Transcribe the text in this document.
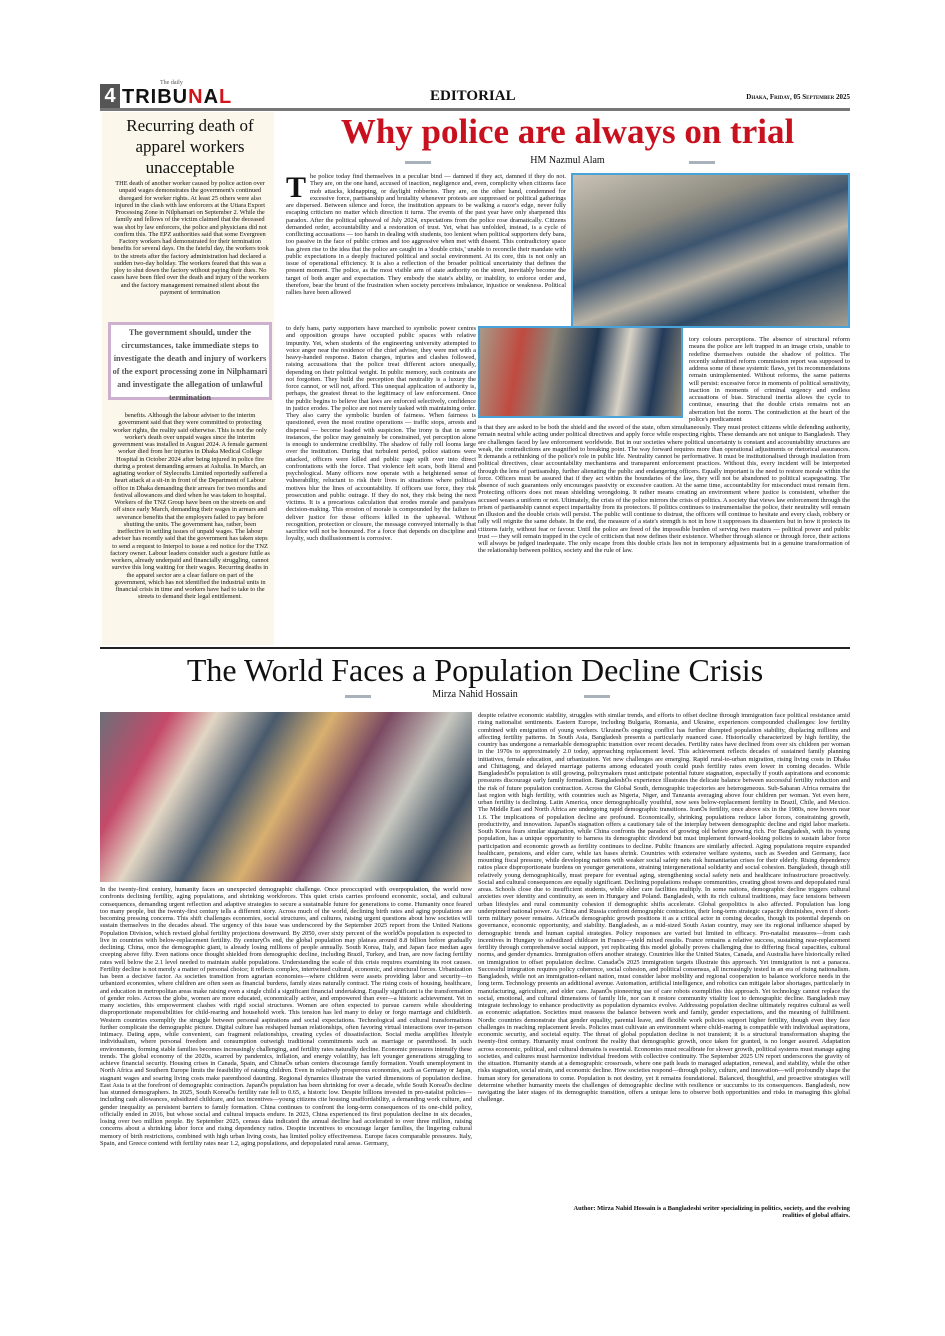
4 TRIBUNAL
The daily
EDITORIAL	Dhaka, Friday, 05 September 2025
Recurring death of apparel workers unacceptable
THE death of another worker caused by police action over unpaid wages demonstrates the government's continued disregard for worker rights. At least 25 others were also injured in the clash with law enforcers at the Uttara Export Processing Zone in Nilphamari on September 2. While the family and fellows of the victim claimed that the deceased was shot by law enforcers, the police and physicians did not confirm this. The EPZ authorities said that some Evergreen Factory workers had demonstrated for their termination benefits for several days. On the fateful day, the workers took to the streets after the factory administration had declared a sudden two-day holiday. The workers feared that this was a ploy to shut down the factory without paying their dues. No cases have been filed over the death and injury of the workers and the factory management remained silent about the payment of termination
The government should, under the circumstances, take immediate steps to investigate the death and injury of workers of the export processing zone in Nilphamari and investigate the allegation of unlawful termination
benefits. Although the labour adviser to the interim government said that they were committed to protecting worker rights, the reality said otherwise. This is not the only worker's death over unpaid wages since the interim government was installed in August 2024. A female garment worker died from her injuries in Dhaka Medical College Hospital in October 2024 after being injured in police fire during a protest demanding arrears at Ashulia. In March, an agitating worker of Stylecrafts Limited reportedly suffered a heart attack at a sit-in in front of the Department of Labour office in Dhaka demanding their arrears for two months and festival allowances and died when he was taken to hospital. Workers of the TNZ Group have been on the streets on and off since early March, demanding their wages in arrears and severance benefits that the employers failed to pay before shutting the units. The government has, rather, been ineffective in settling issues of unpaid wages. The labour adviser has recently said that the government has taken steps to send a request to Interpol to issue a red notice for the TNZ factory owner. Labour leaders consider such a gesture futile as workers, already underpaid and financially struggling, cannot survive this long waiting for their wages. Recurring deaths in the apparel sector are a clear failure on part of the government, which has not identified the industrial units in financial crisis in time and workers have had to take to the streets to demand their legal entitlement.
Why police are always on trial
HM Nazmul Alam
The police today find themselves in a peculiar bind — damned if they act, damned if they do not. They are, on the one hand, accused of inaction, negligence and, even, complicity when citizens face mob attacks, kidnapping, or daylight robberies. They are, on the other hand, condemned for excessive force, partisanship and brutality whenever protests are suppressed or political gatherings are dispersed. Between silence and force, the institution appears to be walking a razor's edge, never fully escaping criticism no matter which direction it turns. The events of the past year have only sharpened this paradox. After the political upheaval of July 2024, expectations from the police rose dramatically. Citizens demanded order, accountability and a restoration of trust. Yet, what has unfolded, instead, is a cycle of conflicting accusations — too harsh in dealing with students, too lenient when political supporters defy bans, too passive in the face of public crimes and too aggressive when met with dissent. This contradictory space has given rise to the idea that the police are caught in a 'double crisis,' unable to reconcile their mandate with public expectations in a deeply fractured political and social environment. At its core, this is not only an issue of operational efficiency. It is also a reflection of the broader political uncertainty that defines the present moment. The police, as the most visible arm of state authority on the street, inevitably become the target of both anger and expectation. They embody the state's ability, or inability, to enforce order and, therefore, bear the brunt of the frustration when society perceives imbalance, injustice or weakness. Political rallies have been allowed
to defy bans, party supporters have marched to symbolic power centres and opposition groups have occupied public spaces with relative impunity. Yet, when students of the engineering university attempted to voice anger near the residence of the chief adviser, they were met with a heavy-handed response. Baton charges, injuries and clashes followed, raising accusations that the police treat different actors unequally, depending on their political weight. In public memory, such contrasts are not forgotten. They build the perception that neutrality is a luxury the force cannot, or will not, afford. This unequal application of authority is, perhaps, the greatest threat to the legitimacy of law enforcement. Once the public begins to believe that laws are enforced selectively, confidence in justice erodes. The police are not merely tasked with maintaining order. They also carry the symbolic burden of fairness. When fairness is questioned, even the most routine operations — traffic stops, arrests and dispersal — become loaded with suspicion. The irony is that in some instances, the police may genuinely be constrained, yet perception alone is enough to undermine credibility. The shadow of fully roll looms large over the institution. During that turbulent period, police stations were attacked, officers were killed and public rage spilt over into direct confrontations with the force. That violence left scars, both literal and psychological. Many officers now operate with a heightened sense of vulnerability, reluctant to risk their lives in situations where political motives blur the lines of accountability. If officers use force, they risk prosecution and public outrage. If they do not, they risk being the next victims. It is a precarious calculation that erodes morale and paralyses decision-making. This erosion of morale is compounded by the failure to deliver justice for those officers killed in the upheaval. Without recognition, protection or closure, the message conveyed internally is that sacrifice will not be honoured. For a force that depends on discipline and loyalty, such disillusionment is corrosive.
tory colours perceptions. The absence of structural reform means the police are left trapped in an image crisis, unable to redefine themselves outside the shadow of politics. The recently submitted reform commission report was supposed to address some of these systemic flaws, yet its recommendations remain unimplemented. Without reforms, the same patterns will persist: excessive force in moments of political sensitivity, inaction in moments of criminal urgency and endless accusations of bias. Structural inertia allows the cycle to continue, ensuring that the double crisis remains not an aberration but the norm. The contradiction at the heart of the police's predicament
is that they are asked to be both the shield and the sword of the state, often simultaneously. They must protect citizens while defending authority, remain neutral while acting under political directives and apply force while respecting rights. These demands are not unique to Bangladesh. They are challenges faced by law enforcement worldwide. But in our societies where political uncertainty is constant and accountability structures are weak, the contradictions are magnified to breaking point. The way forward requires more than operational adjustments or rhetorical assurances. It demands a rethinking of the police's role in public life. Neutrality cannot be performative. It must be institutionalised through insulation from political directives, clear accountability mechanisms and transparent enforcement practices. Without this, every incident will be interpreted through the lens of partisanship, further alienating the public and endangering officers. Equally important is the need to restore morale within the force. Officers must be assured that if they act within the boundaries of the law, they will not be abandoned to political scapegoating. The absence of such guarantees only encourages passivity or excessive caution. At the same time, accountability for misconduct must remain firm. Protecting officers does not mean shielding wrongdoing. It rather means creating an environment where justice is consistent, whether the accused wears a uniform or not. Ultimately, the crisis of the police mirrors the crisis of politics. A society that views law enforcement through the prism of partisanship cannot expect impartiality from its protectors. If politics continues to instrumentalise the police, their neutrality will remain an illusion and the double crisis will persist. The public will continue to distrust, the officers will continue to hesitate and every clash, robbery or rally will reignite the same debate. In the end, the measure of a state's strength is not in how it suppresses its dissenters but in how it protects its citizens fairly, without fear or favour. Until the police are freed of the impossible burden of serving two masters — political power and public trust — they will remain trapped in the cycle of criticism that now defines their existence. Whether through silence or through force, their actions will always be judged inadequate. The only escape from this double crisis lies not in temporary adjustments but in a genuine transformation of the relationship between politics, society and the rule of law.
The World Faces a Population Decline Crisis
Mirza Nahid Hossain
In the twenty-first century, humanity faces an unexpected demographic challenge. Once preoccupied with overpopulation, the world now confronts declining fertility, aging populations, and shrinking workforces. This quiet crisis carries profound economic, social, and cultural consequences, demanding urgent reflection and adaptive strategies to secure a sustainable future for generations to come. Humanity once feared too many people, but the twenty-first century tells a different story. Across much of the world, declining birth rates and aging populations are becoming pressing concerns. This shift challenges economies, social structures, and cultures, raising urgent questions about how societies will sustain themselves in the decades ahead. The urgency of this issue was underscored by the September 2025 report from the United Nations Population Division, which revised global fertility projections downward. By 2050, over sixty percent of the worldÕs population is expected to live in countries with below-replacement fertility. By centuryÕs end, the global population may plateau around 8.8 billion before gradually declining. China, once the demographic giant, is already losing millions of people annually. South Korea, Italy, and Japan face median ages creeping above fifty. Even nations once thought shielded from demographic decline, including Brazil, Turkey, and Iran, are now facing fertility rates well below the 2.1 level needed to maintain stable populations. Understanding the scale of this crisis requires examining its root causes. Fertility decline is not merely a matter of personal choice; it reflects complex, intertwined cultural, economic, and structural forces. Urbanization has been a decisive factor. As societies transition from agrarian economies—where children were assets providing labor and security—to urbanized economies, where children are often seen as financial burdens, family sizes naturally contract. The rising costs of housing, healthcare, and education in metropolitan areas make raising even a single child a significant financial undertaking. Equally significant is the transformation of gender roles. Across the globe, women are more educated, economically active, and empowered than ever—a historic achievement. Yet in many societies, this empowerment clashes with rigid social structures. Women are often expected to pursue careers while shouldering disproportionate responsibilities for child-rearing and household work. This tension has led many to delay or forgo marriage and childbirth. Western countries exemplify the struggle between personal aspirations and social expectations. Technological and cultural transformations further complicate the demographic picture. Digital culture has reshaped human relationships, often favoring virtual interactions over in-person intimacy. Dating apps, while convenient, can fragment relationships, creating cycles of dissatisfaction. Social media amplifies lifestyle individualism, where personal freedom and consumption outweigh traditional commitments such as marriage or parenthood. In such environments, forming stable families becomes increasingly challenging, and fertility rates naturally decline. Economic pressures intensify these trends. The global economy of the 2020s, scarred by pandemics, inflation, and energy volatility, has left younger generations struggling to achieve financial security. Housing crises in Canada, Spain, and ChinaÕs urban centers discourage family formation. Youth unemployment in North Africa and Southern Europe limits the feasibility of raising children. Even in relatively prosperous economies, such as Germany or Japan, stagnant wages and soaring living costs make parenthood daunting. Regional dynamics illustrate the varied dimensions of population decline. East Asia is at the forefront of demographic contraction. JapanÕs population has been shrinking for over a decade, while South KoreaÕs decline has stunned demographers. In 2025, South KoreaÕs fertility rate fell to 0.65, a historic low. Despite billions invested in pro-natalist policies—including cash allowances, subsidized childcare, and tax incentives—young citizens cite housing unaffordability, a demanding work culture, and gender inequality as persistent barriers to family formation. China continues to confront the long-term consequences of its one-child policy, officially ended in 2016, but whose social and cultural impacts endure. In 2023, China experienced its first population decline in six decades, losing over two million people. By September 2025, census data indicated the annual decline had accelerated to over three million, raising concerns about a shrinking labor force and rising dependency ratios. Despite incentives to encourage larger families, the lingering cultural memory of birth restrictions, combined with high urban living costs, has limited policy effectiveness. Europe faces comparable pressures. Italy, Spain, and Greece contend with fertility rates near 1.2, aging populations, and depopulated rural areas. Germany,
despite relative economic stability, struggles with similar trends, and efforts to offset decline through immigration face political resistance amid rising nationalist sentiments. Eastern Europe, including Bulgaria, Romania, and Ukraine, experiences compounded challenges: low fertility combined with emigration of young workers. UkraineÕs ongoing conflict has further disrupted population stability, displacing millions and affecting fertility patterns. In South Asia, Bangladesh presents a particularly nuanced case. Historically characterized by high fertility, the country has undergone a remarkable demographic transition over recent decades. Fertility rates have declined from over six children per woman in the 1970s to approximately 2.0 today, approaching replacement level. This achievement reflects decades of sustained family planning initiatives, female education, and urbanization. Yet new challenges are emerging. Rapid rural-to-urban migration, rising living costs in Dhaka and Chittagong, and delayed marriage patterns among educated youth could push fertility rates even lower in coming decades. While BangladeshÕs population is still growing, policymakers must anticipate potential future stagnation, especially if youth aspirations and economic pressures discourage early family formation. BangladeshÕs experience illustrates the delicate balance between successful fertility reduction and the risk of future population contraction. Across the Global South, demographic trajectories are heterogeneous. Sub-Saharan Africa remains the last region with high fertility, with countries such as Nigeria, Niger, and Tanzania averaging above four children per woman. Yet even here, urban fertility is declining. Latin America, once demographically youthful, now sees below-replacement fertility in Brazil, Chile, and Mexico. The Middle East and North Africa are undergoing rapid demographic transitions. IranÕs fertility, once above six in the 1980s, now hovers near 1.6. The implications of population decline are profound. Economically, shrinking populations reduce labor forces, constraining growth, productivity, and innovation. JapanÕs stagnation offers a cautionary tale of the interplay between demographic decline and rigid labor markets. South Korea fears similar stagnation, while China confronts the paradox of growing old before growing rich. For Bangladesh, with its young population, has a unique opportunity to harness its demographic dividend but must implement forward-looking policies to sustain labor force participation and economic growth as fertility continues to decline. Public finances are similarly affected. Aging populations require expanded healthcare, pensions, and elder care, while tax bases shrink. Countries with extensive welfare systems, such as Sweden and Germany, face mounting fiscal pressure, while developing nations with weaker social safety nets risk humanitarian crises for their elderly. Rising dependency ratios place disproportionate burdens on younger generations, straining intergenerational solidarity and social cohesion. Bangladesh, though still relatively young demographically, must prepare for eventual aging, strengthening social safety nets and healthcare infrastructure proactively. Social and cultural consequences are equally significant. Declining populations reshape communities, creating ghost towns and depopulated rural areas. Schools close due to insufficient students, while elder care facilities multiply. In some nations, demographic decline triggers cultural anxieties over identity and continuity, as seen in Hungary and Poland. Bangladesh, with its rich cultural traditions, may face tensions between urban lifestyles and rural community cohesion if demographic shifts accelerate. Global geopolitics is also affected. Population has long underpinned national power. As China and Russia confront demographic contraction, their long-term strategic capacity diminishes, even if short-term military power remains. AfricaÕs demographic growth positions it as a critical actor in coming decades, though its potential depends on governance, economic opportunity, and stability. Bangladesh, as a mid-sized South Asian country, may see its regional influence shaped by demographic trends and human capital strategies. Policy responses are varied but limited in efficacy. Pro-natalist measures—from cash incentives in Hungary to subsidized childcare in France—yield mixed results. France remains a relative success, sustaining near-replacement fertility through comprehensive social support, yet replicating this model globally proves challenging due to differing fiscal capacities, cultural norms, and gender dynamics. Immigration offers another strategy. Countries like the United States, Canada, and Australia have historically relied on immigration to offset population decline. CanadaÕs 2025 immigration targets illustrate this approach. Yet immigration is not a panacea. Successful integration requires policy coherence, social cohesion, and political consensus, all increasingly tested in an era of rising nationalism. Bangladesh, while not an immigration-reliant nation, must consider labor mobility and regional cooperation to balance workforce needs in the long term. Technology presents an additional avenue. Automation, artificial intelligence, and robotics can mitigate labor shortages, particularly in manufacturing, agriculture, and elder care. JapanÕs pioneering use of care robots exemplifies this approach. Yet technology cannot replace the social, emotional, and cultural dimensions of family life, nor can it restore community vitality lost to demographic decline. Bangladesh may integrate technology to enhance productivity as population dynamics evolve. Addressing population decline ultimately requires cultural as well as economic adaptation. Societies must reassess the balance between work and family, gender expectations, and the meaning of fulfillment. Nordic countries demonstrate that gender equality, parental leave, and flexible work policies support higher fertility, though even they face challenges in reaching replacement levels. Policies must cultivate an environment where child-rearing is compatible with individual aspirations, economic security, and societal equity. The threat of global population decline is not transient; it is a structural transformation shaping the twenty-first century. Humanity must confront the reality that demographic growth, once taken for granted, is no longer assured. Adaptation across economic, political, and cultural domains is essential. Economies must recalibrate for slower growth, political systems must manage aging societies, and cultures must harmonize individual freedom with collective continuity. The September 2025 UN report underscores the gravity of the situation. Humanity stands at a demographic crossroads, where one path leads to managed adaptation, renewal, and stability, while the other risks stagnation, social strain, and economic decline. How societies respond—through policy, culture, and innovation—will profoundly shape the human story for generations to come. Population is not destiny, yet it remains foundational. Balanced, thoughtful, and proactive strategies will determine whether humanity meets the challenges of demographic decline with resilience or succumbs to its consequences. Bangladesh, now navigating the later stages of its demographic transition, offers a unique lens to observe both opportunities and risks in managing this global challenge.
Author: Mirza Nahid Hossain is a Bangladeshi writer specializing in politics, society, and the evolving realities of global affairs.
